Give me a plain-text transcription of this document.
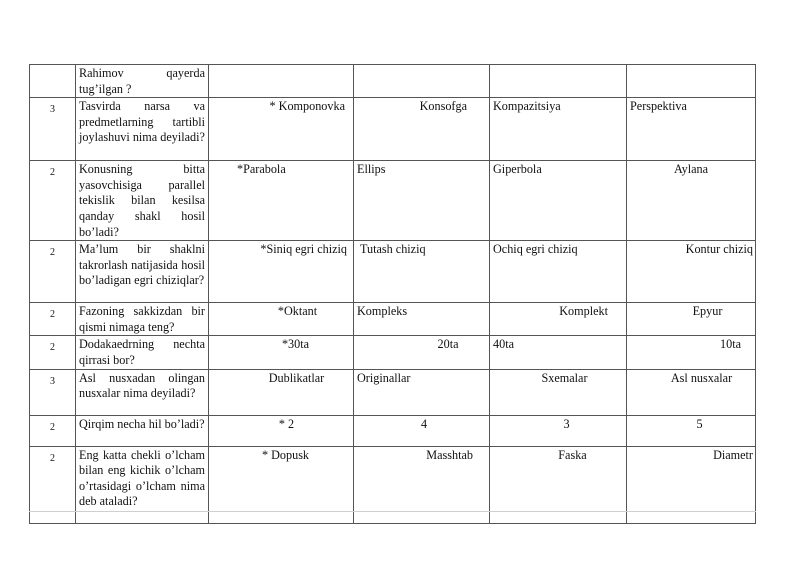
	Rahimov qayerda tug’ilgan ?				
3	Tasvirda narsa va predmetlarning tartibli joylashuvi nima deyiladi?	* Komponovka	Konsofga	Kompazitsiya	Perspektiva
2	Konusning bitta yasovchisiga parallel tekislik bilan kesilsa qanday shakl hosil bo’ladi?	*Parabola	Ellips	Giperbola	Aylana
2	Ma’lum bir shaklni takrorlash natijasida hosil bo’ladigan egri chiziqlar?	*Siniq egri chiziq	Tutash chiziq	Ochiq egri chiziq	Kontur chiziq
2	Fazoning sakkizdan bir qismi nimaga teng?	*Oktant	Kompleks	Komplekt	Epyur
2	Dodakaedrning nechta qirrasi bor?	*30ta	20ta	40ta	10ta
3	Asl nusxadan olingan nusxalar nima deyiladi?	Dublikatlar	Originallar	Sxemalar	Asl nusxalar
2	Qirqim necha hil bo’ladi?	* 2	4	3	5
2	Eng katta chekli o’lcham bilan eng kichik o’lcham o’rtasidagi o’lcham nima deb ataladi?	* Dopusk	Masshtab	Faska	Diametr
